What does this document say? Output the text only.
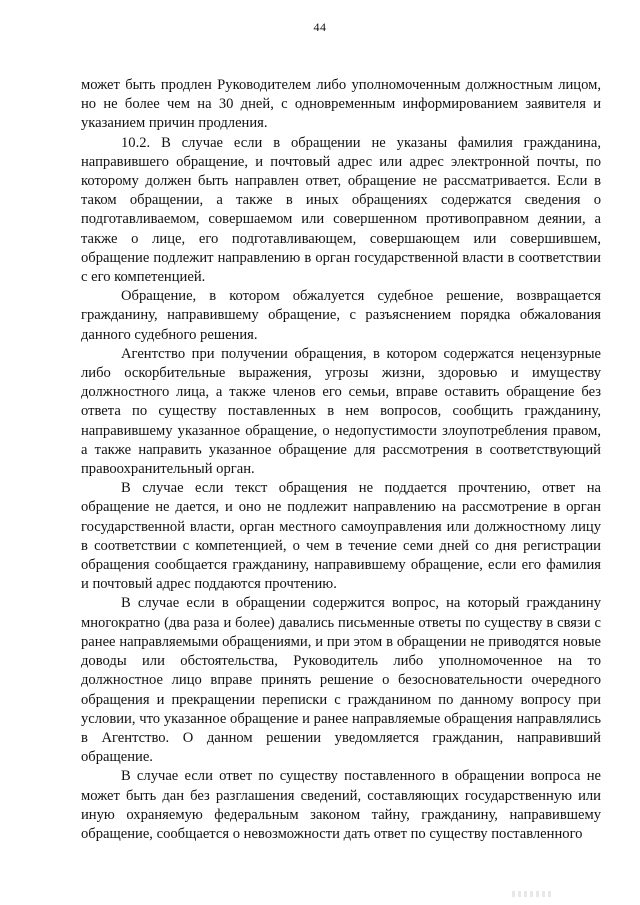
44

может быть продлен Руководителем либо уполномоченным должностным лицом, но не более чем на 30 дней, с одновременным информированием заявителя и указанием причин продления.

10.2. В случае если в обращении не указаны фамилия гражданина, направившего обращение, и почтовый адрес или адрес электронной почты, по которому должен быть направлен ответ, обращение не рассматривается. Если в таком обращении, а также в иных обращениях содержатся сведения о подготавливаемом, совершаемом или совершенном противоправном деянии, а также о лице, его подготавливающем, совершающем или совершившем, обращение подлежит направлению в орган государственной власти в соответствии с его компетенцией.

Обращение, в котором обжалуется судебное решение, возвращается гражданину, направившему обращение, с разъяснением порядка обжалования данного судебного решения.

Агентство при получении обращения, в котором содержатся нецензурные либо оскорбительные выражения, угрозы жизни, здоровью и имуществу должностного лица, а также членов его семьи, вправе оставить обращение без ответа по существу поставленных в нем вопросов, сообщить гражданину, направившему указанное обращение, о недопустимости злоупотребления правом, а также направить указанное обращение для рассмотрения в соответствующий правоохранительный орган.

В случае если текст обращения не поддается прочтению, ответ на обращение не дается, и оно не подлежит направлению на рассмотрение в орган государственной власти, орган местного самоуправления или должностному лицу в соответствии с компетенцией, о чем в течение семи дней со дня регистрации обращения сообщается гражданину, направившему обращение, если его фамилия и почтовый адрес поддаются прочтению.

В случае если в обращении содержится вопрос, на который гражданину многократно (два раза и более) давались письменные ответы по существу в связи с ранее направляемыми обращениями, и при этом в обращении не приводятся новые доводы или обстоятельства, Руководитель либо уполномоченное на то должностное лицо вправе принять решение о безосновательности очередного обращения и прекращении переписки с гражданином по данному вопросу при условии, что указанное обращение и ранее направляемые обращения направлялись в Агентство. О данном решении уведомляется гражданин, направивший обращение.

В случае если ответ по существу поставленного в обращении вопроса не может быть дан без разглашения сведений, составляющих государственную или иную охраняемую федеральным законом тайну, гражданину, направившему обращение, сообщается о невозможности дать ответ по существу поставленного
